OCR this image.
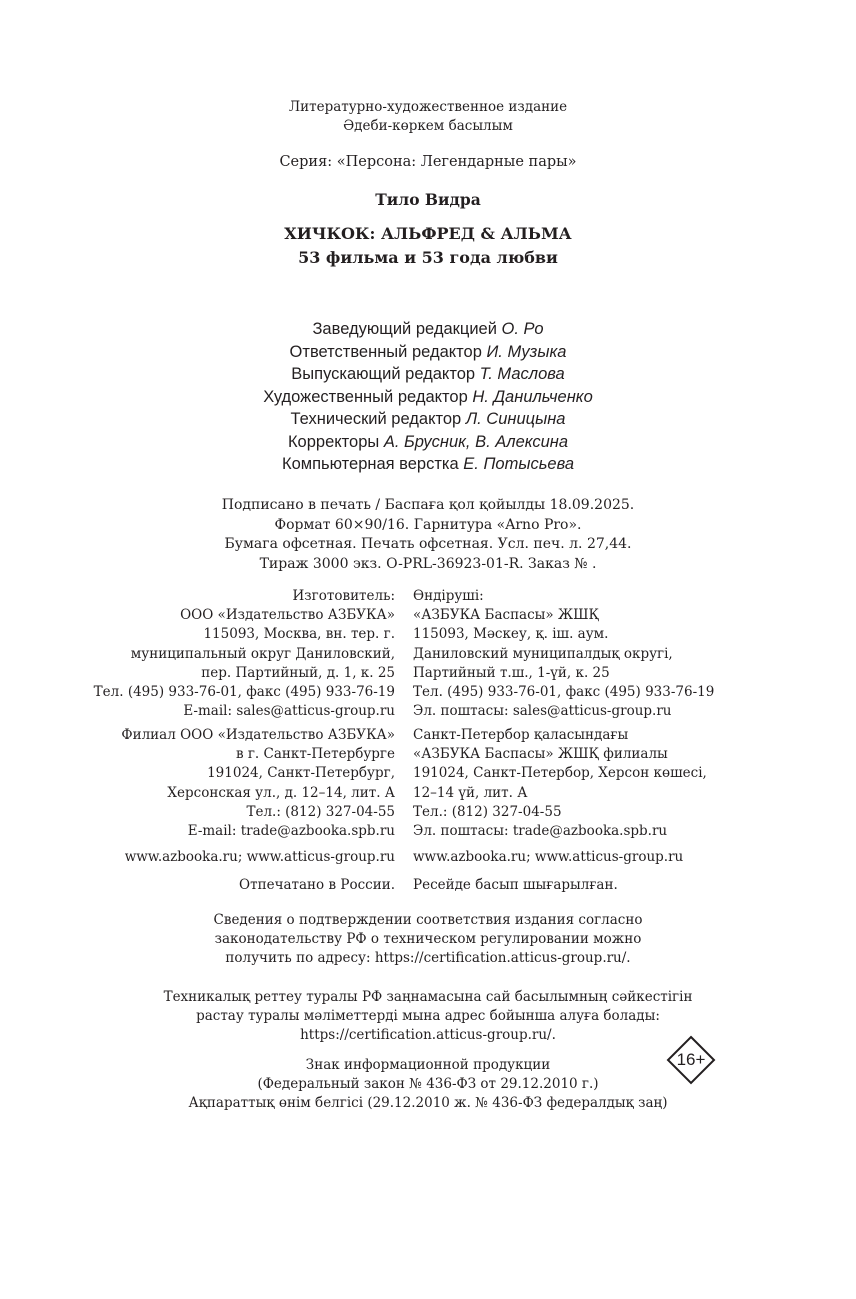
Литературно-художественное издание
Әдеби-көркем басылым
Серия: «Персона: Легендарные пары»
Тило Видра
ХИЧКОК: АЛЬФРЕД & АЛЬМА
53 фильма и 53 года любви
Заведующий редакцией О. Ро
Ответственный редактор И. Музыка
Выпускающий редактор Т. Маслова
Художественный редактор Н. Данильченко
Технический редактор Л. Синицына
Корректоры А. Брусник, В. Алексина
Компьютерная верстка Е. Потысьева
Подписано в печать / Баспаға қол қойылды 18.09.2025.
Формат 60×90/16. Гарнитура «Arno Pro».
Бумага офсетная. Печать офсетная. Усл. печ. л. 27,44.
Тираж 3000 экз. O-PRL-36923-01-R. Заказ № .
Изготовитель:
ООО «Издательство АЗБУКА»
115093, Москва, вн. тер. г.
муниципальный округ Даниловский,
пер. Партийный, д. 1, к. 25
Тел. (495) 933-76-01, факс (495) 933-76-19
E-mail: sales@atticus-group.ru
Өндіруші:
«АЗБУКА Баспасы» ЖШҚ
115093, Мәскеу, қ. іш. аум.
Даниловский муниципалдық округі,
Партийный т.ш., 1-үй, к. 25
Тел. (495) 933-76-01, факс (495) 933-76-19
Эл. поштасы: sales@atticus-group.ru
Филиал ООО «Издательство АЗБУКА»
в г. Санкт-Петербурге
191024, Санкт-Петербург,
Херсонская ул., д. 12–14, лит. А
Тел.: (812) 327-04-55
E-mail: trade@azbooka.spb.ru
Санкт-Петербор қаласындағы
«АЗБУКА Баспасы» ЖШҚ филиалы
191024, Санкт-Петербор, Херсон көшесі,
12–14 үй, лит. А
Тел.: (812) 327-04-55
Эл. поштасы: trade@azbooka.spb.ru
www.azbooka.ru; www.atticus-group.ru www.azbooka.ru; www.atticus-group.ru
Отпечатано в России. Ресейде басып шығарылған.
Сведения о подтверждении соответствия издания согласно
законодательству РФ о техническом регулировании можно
получить по адресу: https://certification.atticus-group.ru/.
Техникалық реттеу туралы РФ заңнамасына сай басылымның сәйкестігін
растау туралы мәліметтерді мына адрес бойынша алуға болады:
https://certification.atticus-group.ru/.
Знак информационной продукции
(Федеральный закон № 436-ФЗ от 29.12.2010 г.)
Ақпараттық өнім белгісі (29.12.2010 ж. № 436-ФЗ федералдық заң)
16+
